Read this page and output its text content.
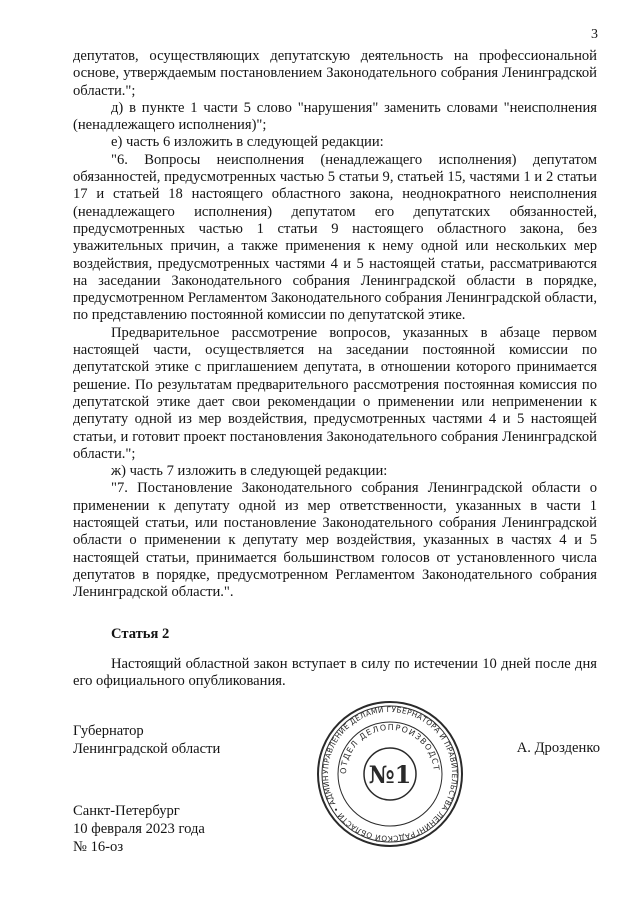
3

депутатов, осуществляющих депутатскую деятельность на профессиональной основе, утверждаемым постановлением Законодательного собрания Ленинградской области.";

д) в пункте 1 части 5 слово "нарушения" заменить словами "неисполнения (ненадлежащего исполнения)";

е) часть 6 изложить в следующей редакции:

"6. Вопросы неисполнения (ненадлежащего исполнения) депутатом обязанностей, предусмотренных частью 5 статьи 9, статьей 15, частями 1 и 2 статьи 17 и статьей 18 настоящего областного закона, неоднократного неисполнения (ненадлежащего исполнения) депутатом его депутатских обязанностей, предусмотренных частью 1 статьи 9 настоящего областного закона, без уважительных причин, а также применения к нему одной или нескольких мер воздействия, предусмотренных частями 4 и 5 настоящей статьи, рассматриваются на заседании Законодательного собрания Ленинградской области в порядке, предусмотренном Регламентом Законодательного собрания Ленинградской области, по представлению постоянной комиссии по депутатской этике.

Предварительное рассмотрение вопросов, указанных в абзаце первом настоящей части, осуществляется на заседании постоянной комиссии по депутатской этике с приглашением депутата, в отношении которого принимается решение. По результатам предварительного рассмотрения постоянная комиссия по депутатской этике дает свои рекомендации о применении или неприменении к депутату одной из мер воздействия, предусмотренных частями 4 и 5 настоящей статьи, и готовит проект постановления Законодательного собрания Ленинградской области.";

ж) часть 7 изложить в следующей редакции:

"7. Постановление Законодательного собрания Ленинградской области о применении к депутату одной из мер ответственности, указанных в части 1 настоящей статьи, или постановление Законодательного собрания Ленинградской области о применении к депутату мер воздействия, указанных в частях 4 и 5 настоящей статьи, принимается большинством голосов от установленного числа депутатов в порядке, предусмотренном Регламентом Законодательного собрания Ленинградской области.".

Статья 2
Настоящий областной закон вступает в силу по истечении 10 дней после дня его официального опубликования.
Губернатор
Ленинградской области	А. Дрозденко
УПРАВЛЕНИЕ ДЕЛАМИ ГУБЕРНАТОРА И ПРАВИТЕЛЬСТВА ЛЕНИНГРАДСКОЙ ОБЛАСТИ • АДМИН
ОТДЕЛ ДЕЛОПРОИЗВОДСТ
№1
Санкт-Петербург
10 февраля 2023 года
№ 16-оз
